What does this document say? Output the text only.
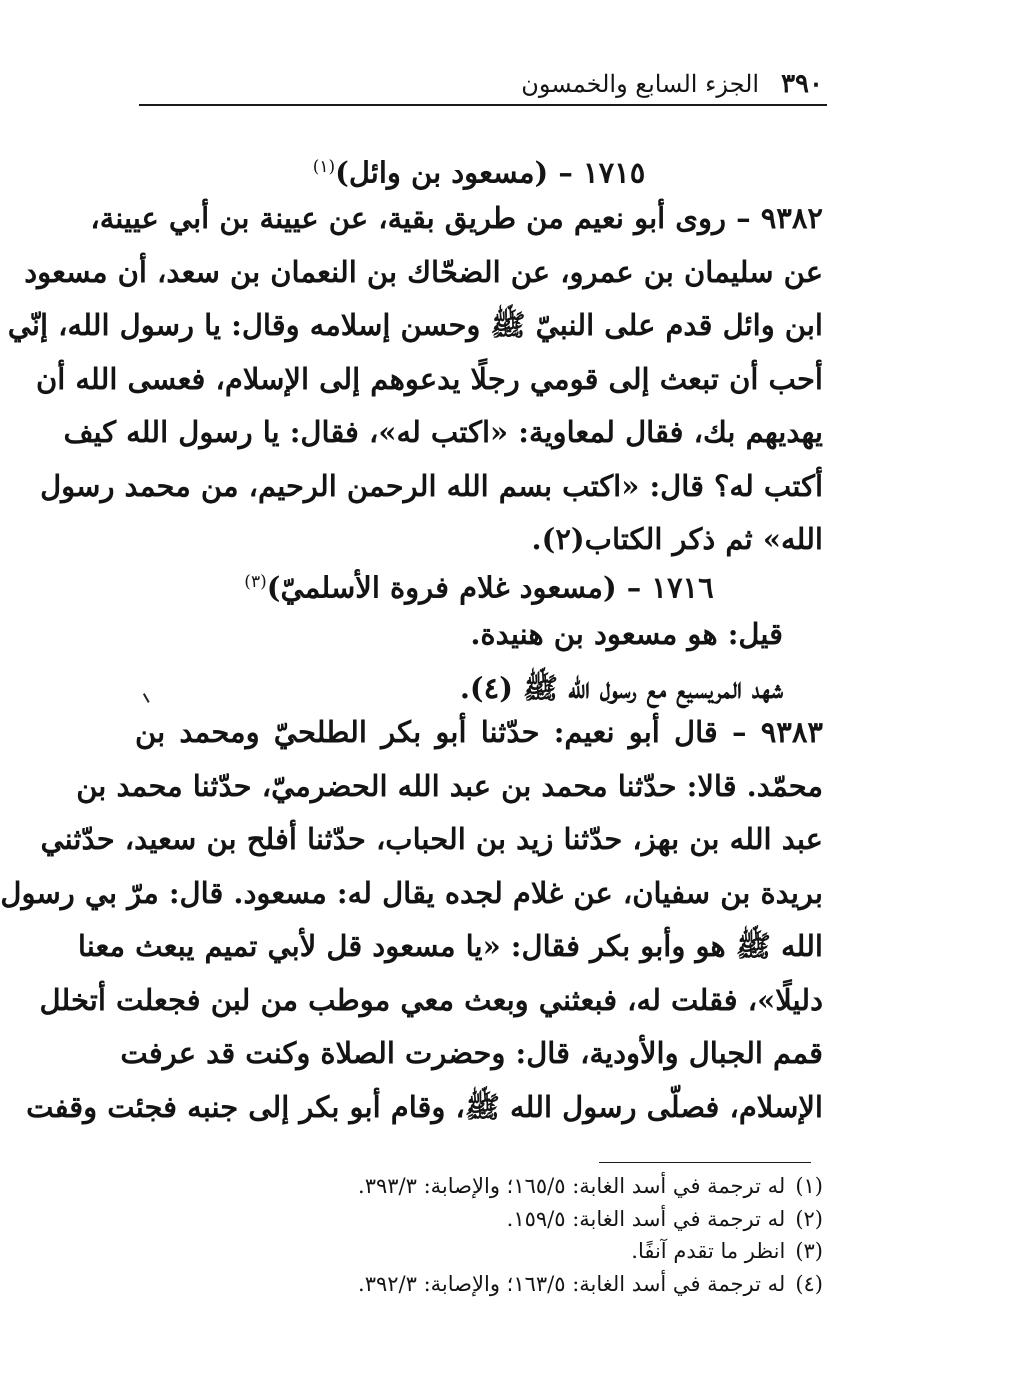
٣٩٠
الجزء السابع والخمسون
١٧١٥ – (مسعود بن وائل)$^{(١)}$
٩٣٨٢ – روى أبو نعيم من طريق بقية، عن عيينة بن أبي عيينة،
عن سليمان بن عمرو، عن الضحّاك بن النعمان بن سعد، أن مسعود
ابن وائل قدم على النبيّ ﷺ وحسن إسلامه وقال: يا رسول الله، إنّي
أحب أن تبعث إلى قومي رجلًا يدعوهم إلى الإسلام، فعسى الله أن
يهديهم بك، فقال لمعاوية: «اكتب له»، فقال: يا رسول الله كيف
أكتب له؟ قال: «اكتب بسم الله الرحمن الرحيم، من محمد رسول
الله» ثم ذكر الكتاب(٢).
١٧١٦ – (مسعود غلام فروة الأسلميّ)$^{(٣)}$
قيل: هو مسعود بن هنيدة.
شهد المريسيع مع رسول الله ﷺ (٤).
٩٣٨٣ – قال أبو نعيم: حدّثنا أبو بكر الطلحيّ ومحمد بن
محمّد. قالا: حدّثنا محمد بن عبد الله الحضرميّ، حدّثنا محمد بن
عبد الله بن بهز، حدّثنا زيد بن الحباب، حدّثنا أفلح بن سعيد، حدّثني
بريدة بن سفيان، عن غلام لجده يقال له: مسعود. قال: مرّ بي رسول
الله ﷺ هو وأبو بكر فقال: «يا مسعود قل لأبي تميم يبعث معنا
دليلًا»، فقلت له، فبعثني وبعث معي موطب من لبن فجعلت أتخلل
قمم الجبال والأودية، قال: وحضرت الصلاة وكنت قد عرفت
الإسلام، فصلّى رسول الله ﷺ، وقام أبو بكر إلى جنبه فجئت وقفت
(١)له ترجمة في أسد الغابة: ١٦٥/٥؛ والإصابة: ٣٩٣/٣.
(٢)له ترجمة في أسد الغابة: ١٥٩/٥.
(٣)انظر ما تقدم آنفًا.
(٤)له ترجمة في أسد الغابة: ١٦٣/٥؛ والإصابة: ٣٩٢/٣.
